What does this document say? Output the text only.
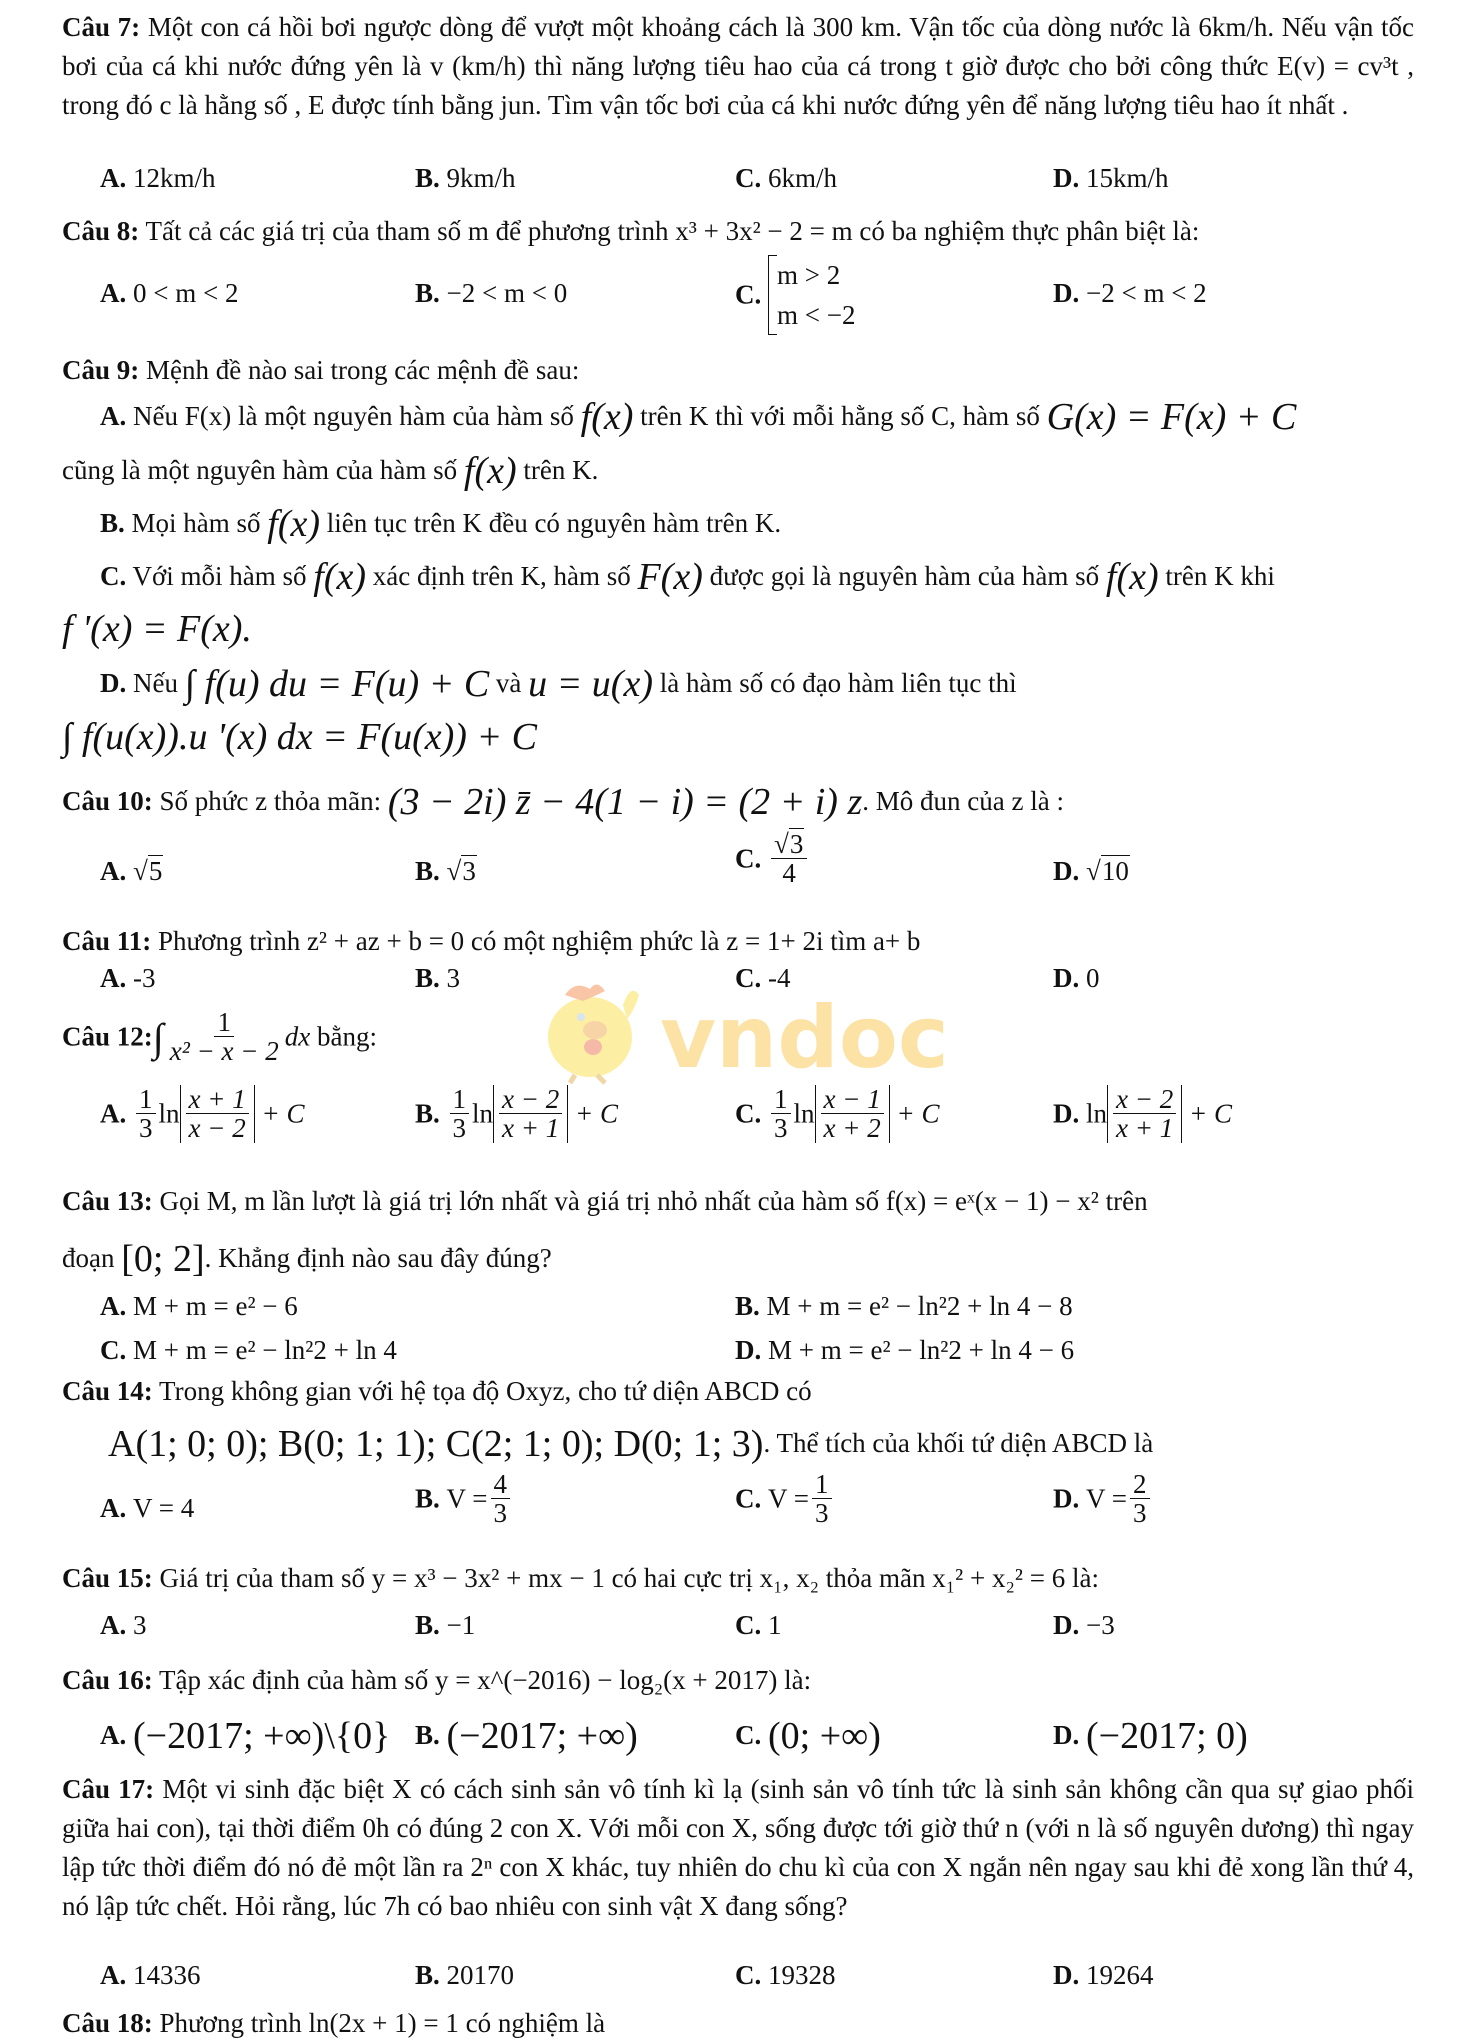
Câu 7: Một con cá hồi bơi ngược dòng để vượt một khoảng cách là 300 km. Vận tốc của dòng nước là 6km/h. Nếu vận tốc bơi của cá khi nước đứng yên là v (km/h) thì năng lượng tiêu hao của cá trong t giờ được cho bởi công thức E(v) = cv³t , trong đó c là hằng số , E được tính bằng jun. Tìm vận tốc bơi của cá khi nước đứng yên để năng lượng tiêu hao ít nhất .
A. 12km/h	B. 9km/h	C. 6km/h	D. 15km/h
Câu 8: Tất cả các giá trị của tham số m để phương trình x³ + 3x² − 2 = m có ba nghiệm thực phân biệt là:
A. 0 < m < 2	B. −2 < m < 0	C.
m > 2
m < −2
D. −2 < m < 2
Câu 9: Mệnh đề nào sai trong các mệnh đề sau:
A. Nếu F(x) là một nguyên hàm của hàm số f(x) trên K thì với mỗi hằng số C, hàm số G(x) = F(x) + C
cũng là một nguyên hàm của hàm số f(x) trên K.
B. Mọi hàm số f(x) liên tục trên K đều có nguyên hàm trên K.
C. Với mỗi hàm số f(x) xác định trên K, hàm số F(x) được gọi là nguyên hàm của hàm số f(x) trên K khi
f '(x) = F(x).
D. Nếu ∫ f(u) du = F(u) + C và u = u(x) là hàm số có đạo hàm liên tục thì
∫ f(u(x)).u '(x) dx = F(u(x)) + C
Câu 10: Số phức z thỏa mãn: (3 − 2i) z̄ − 4(1 − i) = (2 + i) z. Mô đun của z là :
A. √5	B. √3	C. $\frac{√3}{4}$	D. √10
Câu 11: Phương trình z² + az + b = 0 có một nghiệm phức là z = 1+ 2i tìm a+ b
A. -3	B. 3	C. -4	D. 0
vndoc
Câu 12:∫ $\frac{1}{\text{x² − x − 2}}$ dx bằng:
A. $\frac{1}{3}$ $\ln \frac{x + 1}{x - 2} + C$	B. $\frac{1}{3}$ $\ln \frac{x - 2}{x + 1} + C$	C. $\frac{1}{3}$ $\ln \frac{x - 1}{x + 2} + C$	D. $\ln \frac{x - 2}{x + 1} + C$
Câu 13: Gọi M, m lần lượt là giá trị lớn nhất và giá trị nhỏ nhất của hàm số f(x) = eˣ(x − 1) − x² trên
đoạn [0; 2]. Khẳng định nào sau đây đúng?
A. M + m = e² − 6	B. M + m = e² − ln²2 + ln 4 − 8
C. M + m = e² − ln²2 + ln 4	D. M + m = e² − ln²2 + ln 4 − 6
Câu 14: Trong không gian với hệ tọa độ Oxyz, cho tứ diện ABCD có
A(1; 0; 0); B(0; 1; 1); C(2; 1; 0); D(0; 1; 3). Thể tích của khối tứ diện ABCD là
A. V = 4	B. $V = \frac{4}{3}$	C. $V = \frac{1}{3}$	D. $V = \frac{2}{3}$
Câu 15: Giá trị của tham số y = x³ − 3x² + mx − 1 có hai cực trị x₁, x₂ thỏa mãn x₁² + x₂² = 6 là:
A. 3	B. −1	C. 1	D. −3
Câu 16: Tập xác định của hàm số y = x^(−2016) − log₂(x + 2017) là:
A. (−2017; +∞)\{0} B. (−2017; +∞)	C. (0; +∞)	D. (−2017; 0)
Câu 17: Một vi sinh đặc biệt X có cách sinh sản vô tính kì lạ (sinh sản vô tính tức là sinh sản không cần qua sự giao phối giữa hai con), tại thời điểm 0h có đúng 2 con X. Với mỗi con X, sống được tới giờ thứ n (với n là số nguyên dương) thì ngay lập tức thời điểm đó nó đẻ một lần ra 2ⁿ con X khác, tuy nhiên do chu kì của con X ngắn nên ngay sau khi đẻ xong lần thứ 4, nó lập tức chết. Hỏi rằng, lúc 7h có bao nhiêu con sinh vật X đang sống?
A. 14336	B. 20170	C. 19328	D. 19264
Câu 18: Phương trình ln(2x + 1) = 1 có nghiệm là
